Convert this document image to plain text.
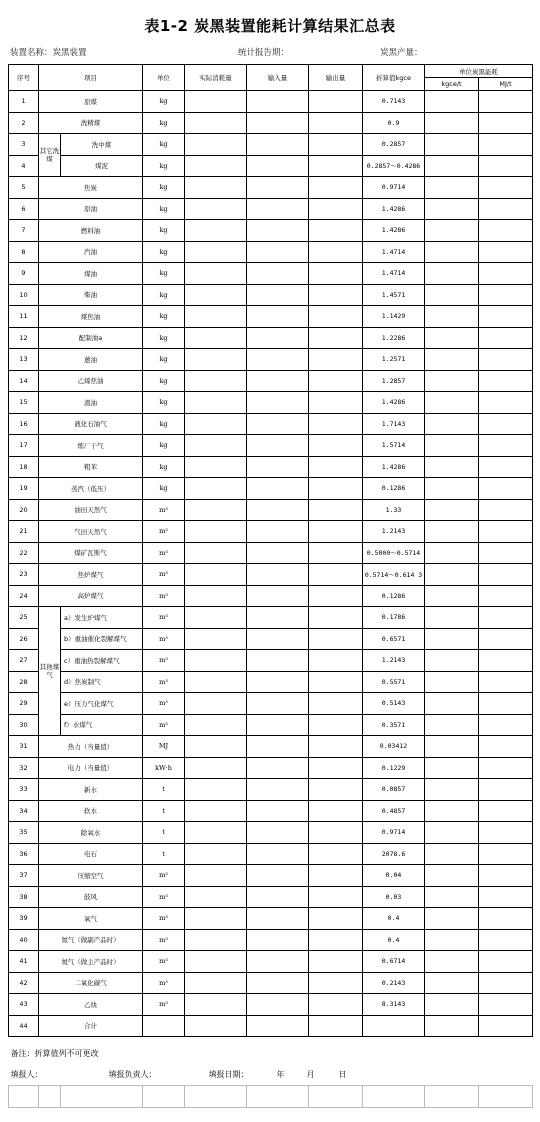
表1-2 炭黑装置能耗计算结果汇总表
装置名称：炭黑装置	统计报告期：	炭黑产量：
序号	项目		单位	实际消耗量	输入量	输出量	折算值kgce	单位炭黑能耗	
								kgce/t	MJ/t
1	原煤		kg				0.7143		
2	洗精煤		kg				0.9		
3	其它洗煤	洗中煤	kg				0.2857		
4		煤泥	kg				0.2857～0.4286		
5	焦炭		kg				0.9714		
6	原油		kg				1.4286		
7	燃料油		kg				1.4286		
8	汽油		kg				1.4714		
9	煤油		kg				1.4714		
10	柴油		kg				1.4571		
11	煤焦油		kg				1.1429		
12	配制油a		kg				1.2286		
13	蒽油		kg				1.2571		
14	乙烯焦油		kg				1.2857		
15	渣油		kg				1.4286		
16	液化石油气		kg				1.7143		
17	炼厂干气		kg				1.5714		
18	粗苯		kg				1.4286		
19	蒸汽（低压）		kg				0.1286		
20	油田天然气		m³				1.33		
21	气田天然气		m³				1.2143		
22	煤矿瓦斯气		m³				0.5000～0.5714		
23	焦炉煤气		m³				0.5714～0.614 3		
24	高炉煤气		m³				0.1286		
25	其他煤气	a）发生炉煤气	m³				0.1786		
26		b）重油催化裂解煤气	m³				0.6571		
27		c）重油热裂解煤气	m³				1.2143		
28		d）焦炭制气	m³				0.5571		
29		e）压力气化煤气	m³				0.5143		
30		f）水煤气	m³				0.3571		
31	热力（当量值）		MJ				0.03412		
32	电力（当量值）		kW·h				0.1229		
33	新水		t				0.0857		
34	软水		t				0.4857		
35	除氧水		t				0.9714		
36	电石		t				2078.6		
37	压缩空气		m³				0.04		
38	鼓风		m³				0.03		
39	氧气		m³				0.4		
40	氮气（做副产品时）		m³				0.4		
41	氮气（做主产品时）		m³				0.6714		
42	二氧化碳气		m³				0.2143		
43	乙炔		m³				8.3143		
44	合计								
备注：折算值列不可更改

填报人：	填报负责人：	填报日期：	年	月	日
